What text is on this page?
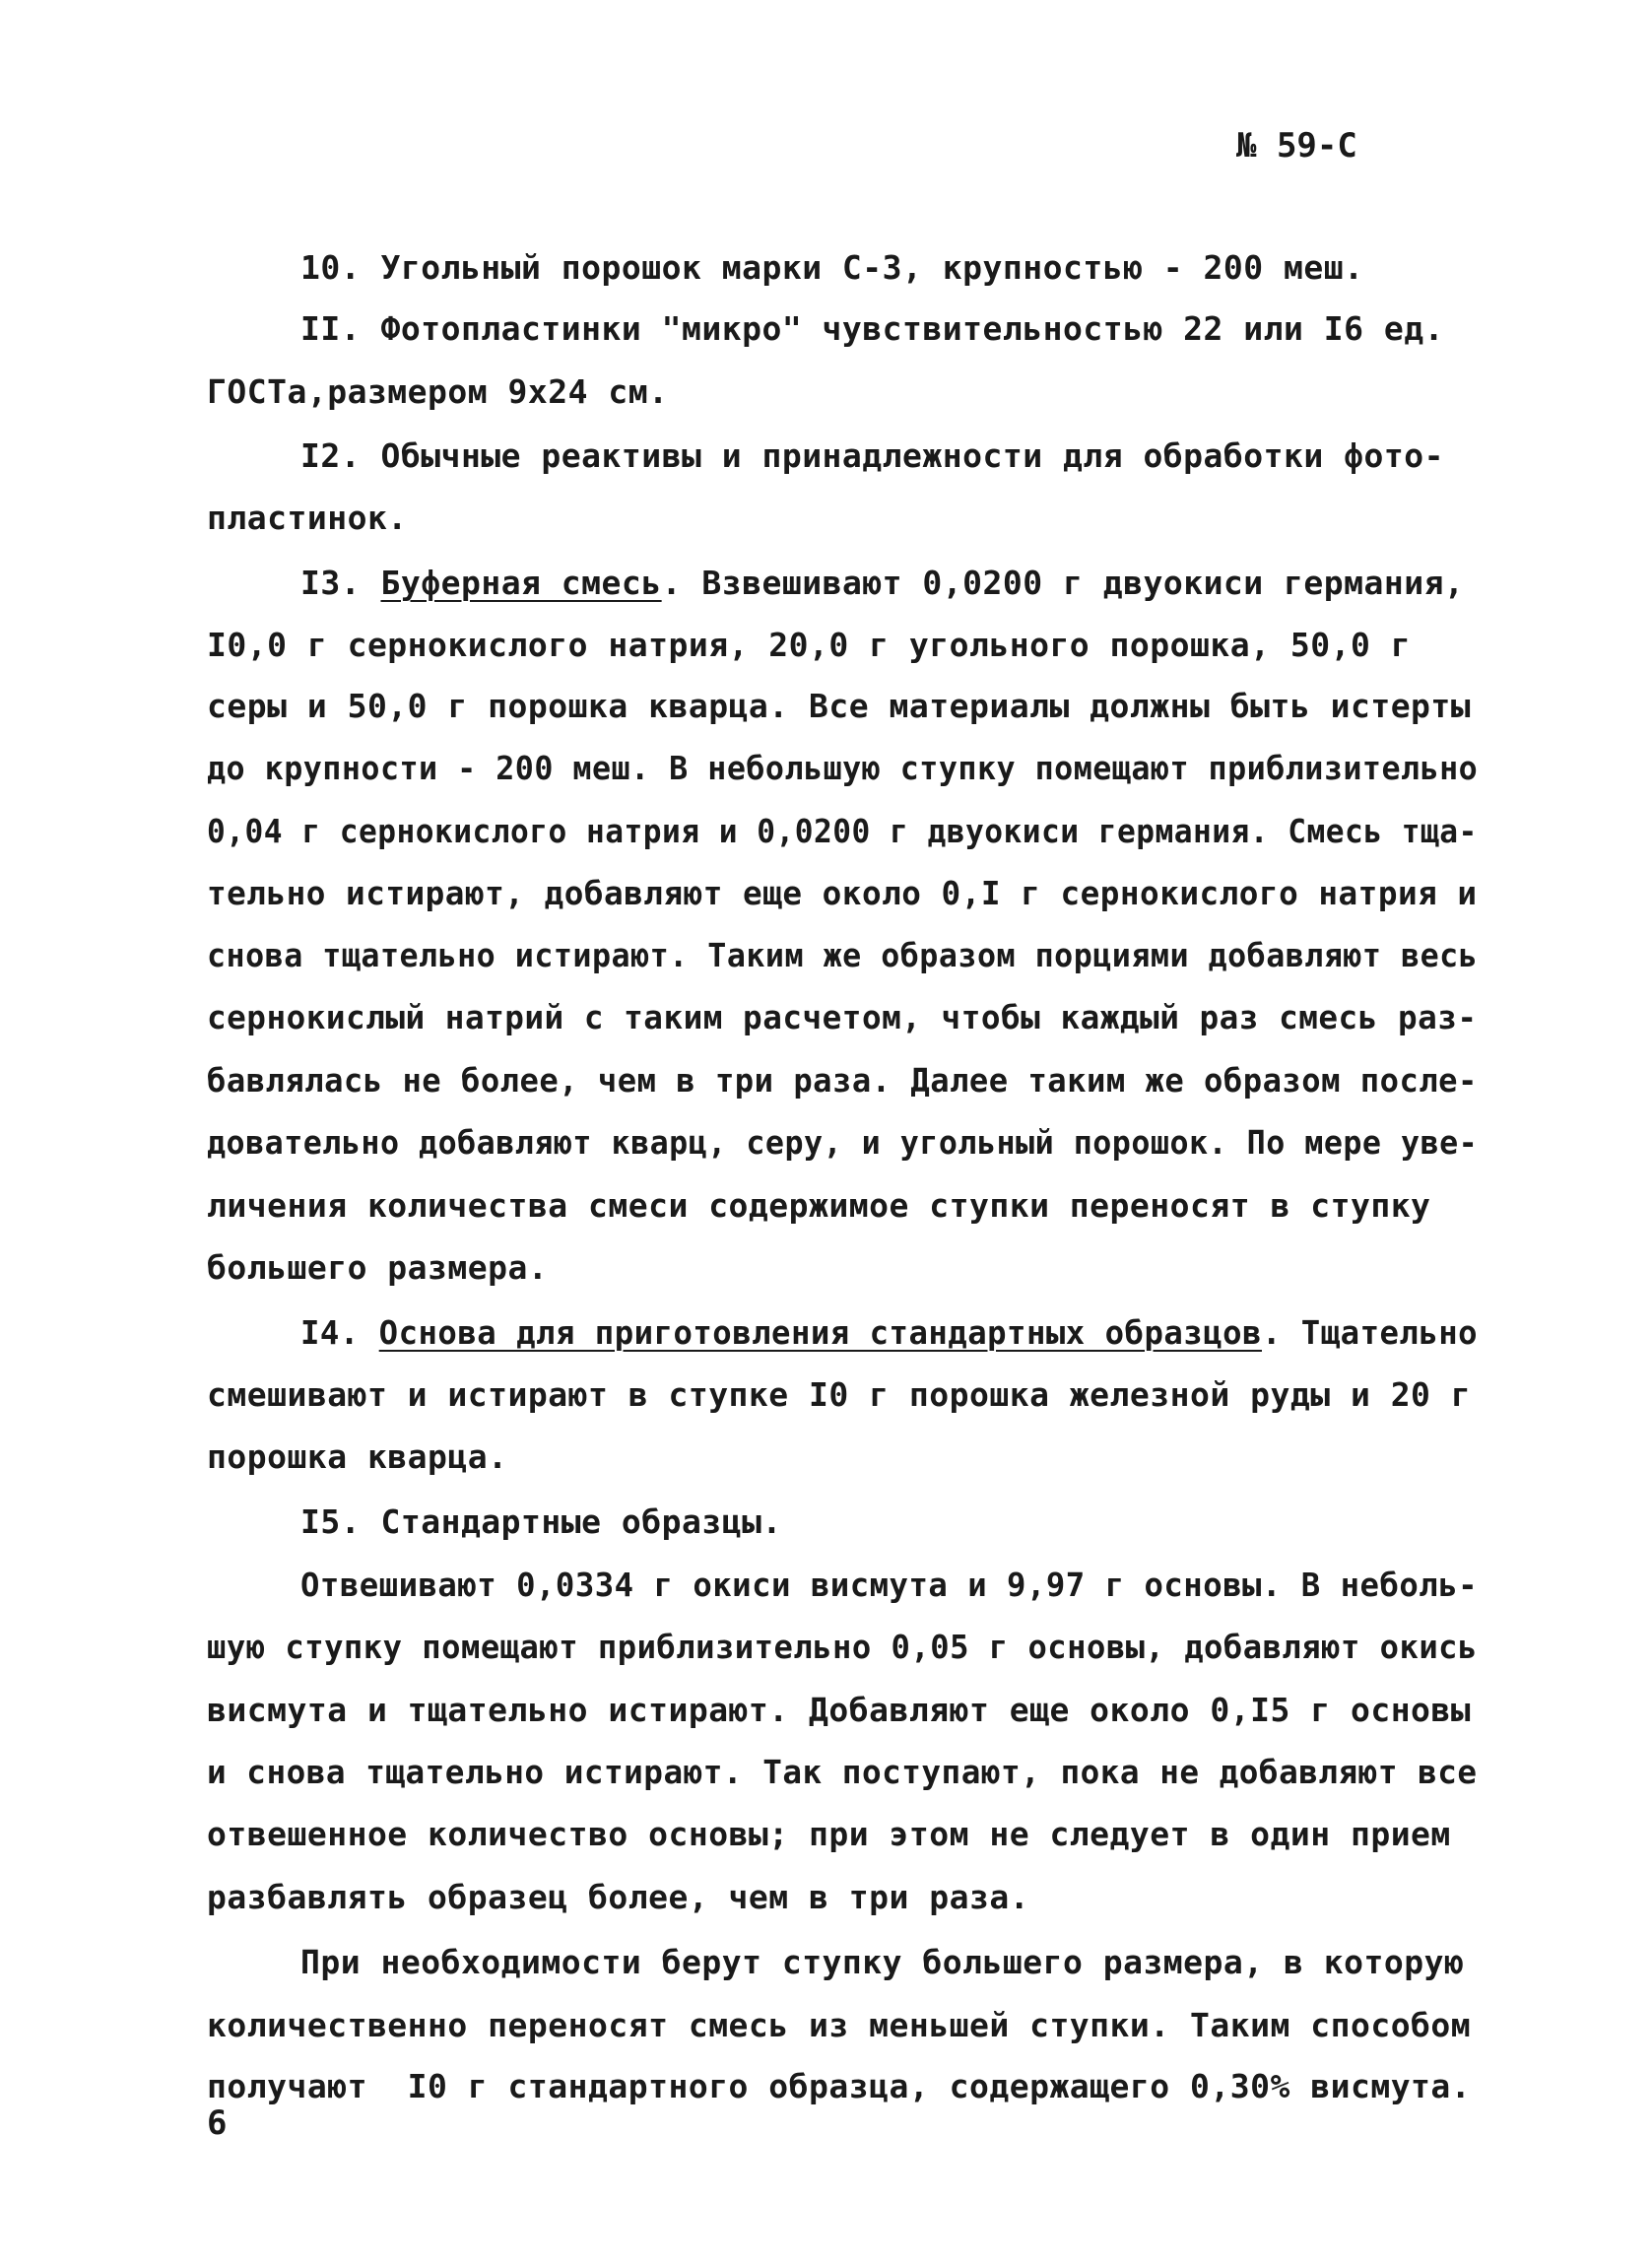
№ 59-С
10. Угольный порошок марки С-3, крупностью - 200 меш.
II. Фотопластинки "микро" чувствительностью 22 или I6 ед.
ГОСТа,размером 9х24 см.
I2. Обычные реактивы и принадлежности для обработки фото-
пластинок.
I3. Буферная смесь. Взвешивают 0,0200 г двуокиси германия,
I0,0 г сернокислого натрия, 20,0 г угольного порошка, 50,0 г
серы и 50,0 г порошка кварца. Все материалы должны быть истерты
до крупности - 200 меш. В небольшую ступку помещают приблизительно
0,04 г сернокислого натрия и 0,0200 г двуокиси германия. Смесь тща-
тельно истирают, добавляют еще около 0,I г сернокислого натрия и
снова тщательно истирают. Таким же образом порциями добавляют весь
сернокислый натрий с таким расчетом, чтобы каждый раз смесь раз-
бавлялась не более, чем в три раза. Далее таким же образом после-
довательно добавляют кварц, серу, и угольный порошок. По мере уве-
личения количества смеси содержимое ступки переносят в ступку
большего размера.
I4. Основа для приготовления стандартных образцов. Тщательно
смешивают и истирают в ступке I0 г порошка железной руды и 20 г
порошка кварца.
I5. Стандартные образцы.
Отвешивают 0,0334 г окиси висмута и 9,97 г основы. В неболь-
шую ступку помещают приблизительно 0,05 г основы, добавляют окись
висмута и тщательно истирают. Добавляют еще около 0,I5 г основы
и снова тщательно истирают. Так поступают, пока не добавляют все
отвешенное количество основы; при этом не следует в один прием
разбавлять образец более, чем в три раза.
При необходимости берут ступку большего размера, в которую
количественно переносят смесь из меньшей ступки. Таким способом
получают  I0 г стандартного образца, содержащего 0,30% висмута.
6
